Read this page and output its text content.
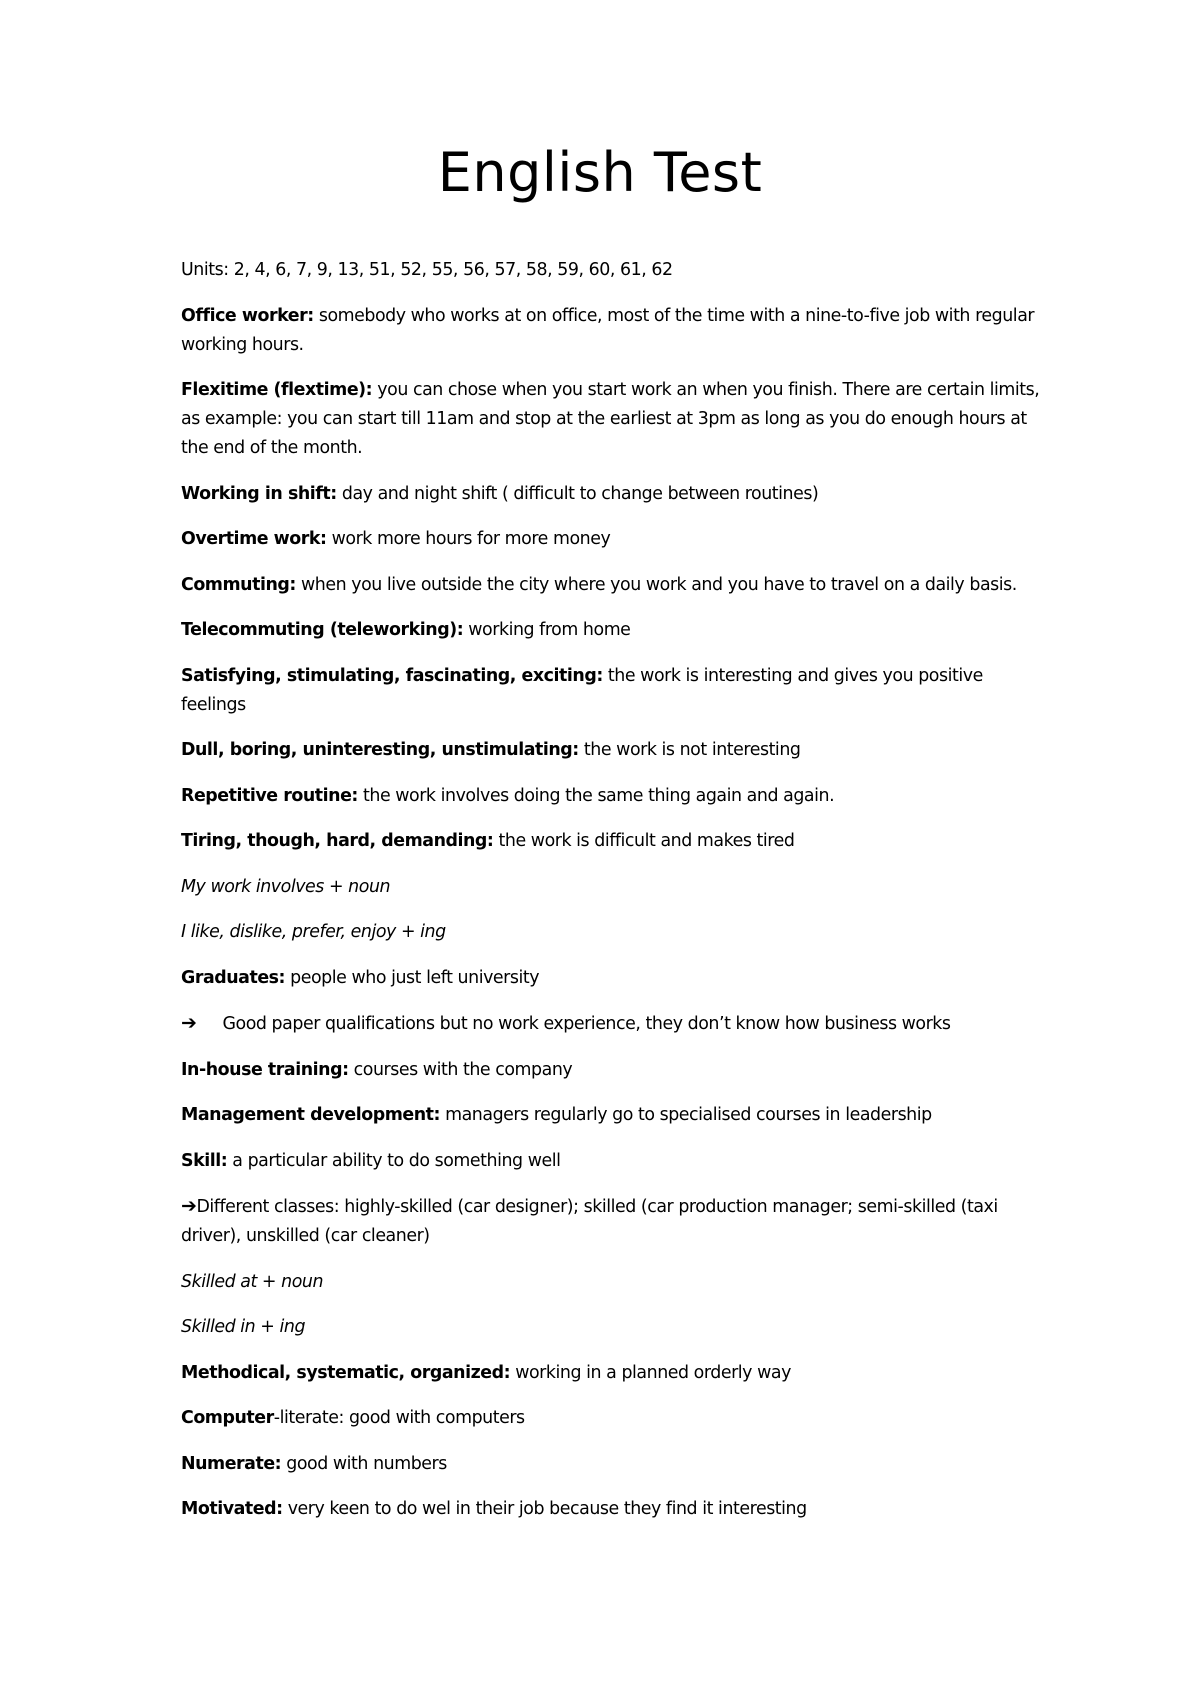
English Test

Units: 2, 4, 6, 7, 9, 13, 51, 52, 55, 56, 57, 58, 59, 60, 61, 62

Office worker: somebody who works at on office, most of the time with a nine-to-five job with regular working hours.

Flexitime (flextime): you can chose when you start work an when you finish. There are certain limits, as example: you can start till 11am and stop at the earliest at 3pm as long as you do enough hours at the end of the month.

Working in shift: day and night shift ( difficult to change between routines)

Overtime work: work more hours for more money

Commuting: when you live outside the city where you work and you have to travel on a daily basis.

Telecommuting (teleworking): working from home

Satisfying, stimulating, fascinating, exciting: the work is interesting and gives you positive feelings

Dull, boring, uninteresting, unstimulating: the work is not interesting

Repetitive routine: the work involves doing the same thing again and again.

Tiring, though, hard, demanding: the work is difficult and makes tired

My work involves + noun

I like, dislike, prefer, enjoy + ing

Graduates: people who just left university

➔ Good paper qualifications but no work experience, they don’t know how business works

In-house training: courses with the company

Management development: managers regularly go to specialised courses in leadership

Skill: a particular ability to do something well

➔Different classes: highly-skilled (car designer); skilled (car production manager; semi-skilled (taxi driver), unskilled (car cleaner)

Skilled at + noun

Skilled in + ing

Methodical, systematic, organized: working in a planned orderly way

Computer-literate: good with computers

Numerate: good with numbers

Motivated: very keen to do wel in their job because they find it interesting
